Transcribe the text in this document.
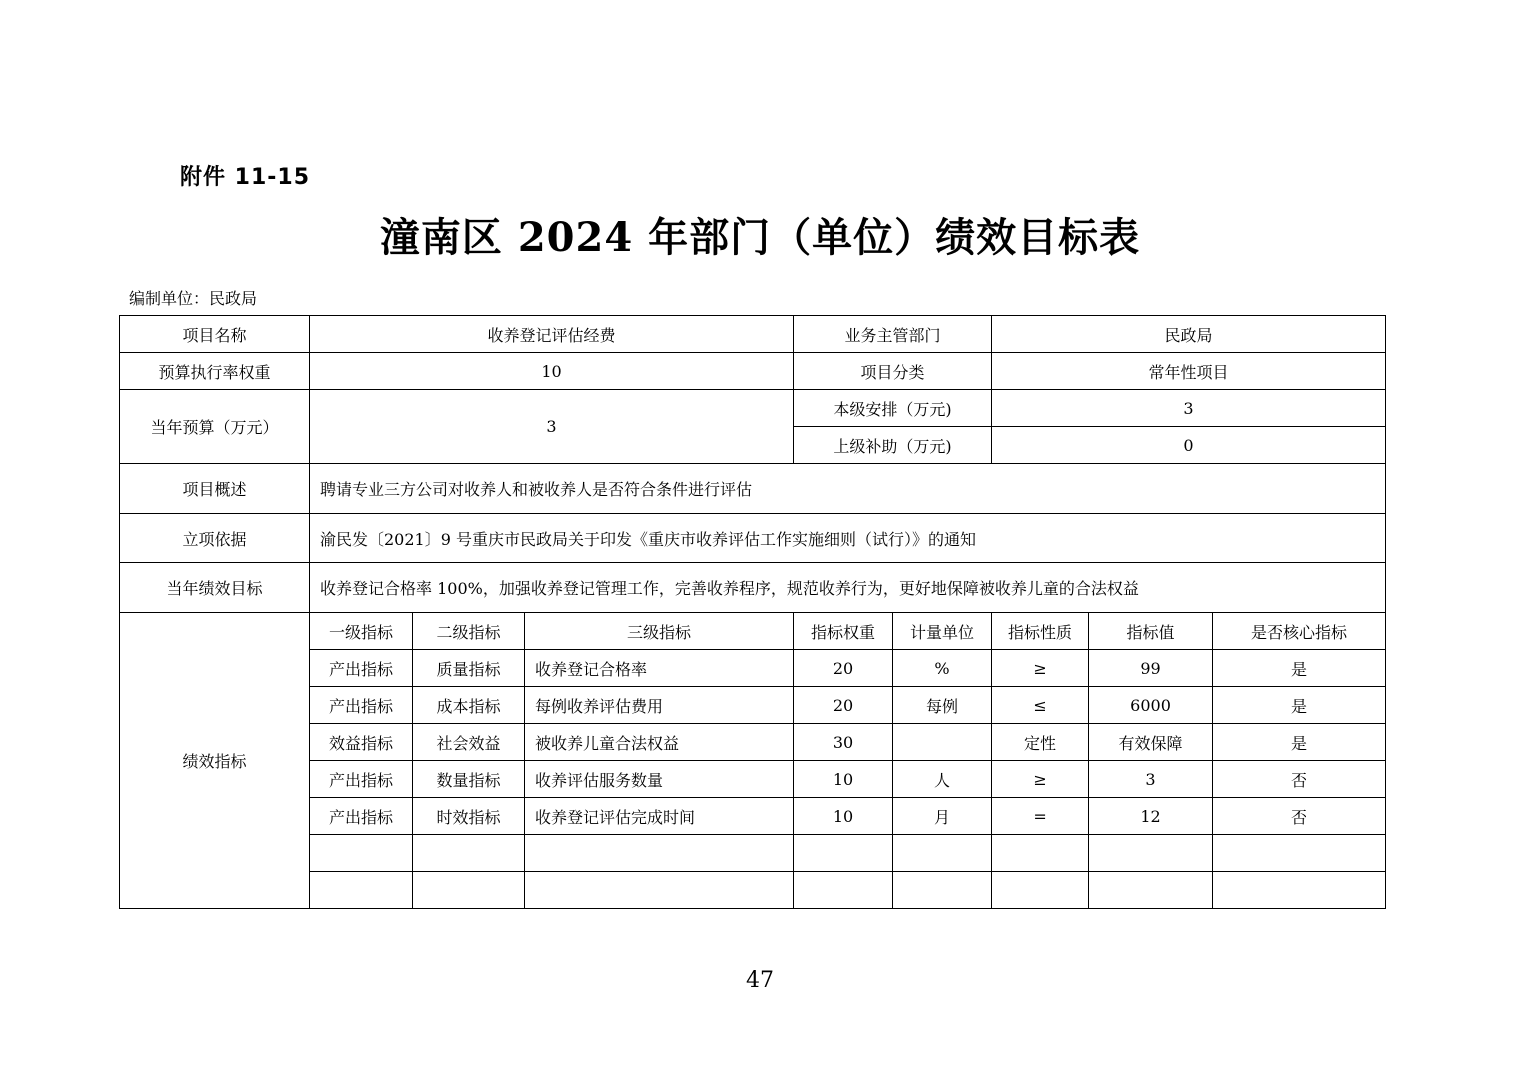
附件 11-15
潼南区 2024 年部门（单位）绩效目标表
编制单位：民政局
项目名称	收养登记评估经费			业务主管部门		民政局		
预算执行率权重	10			项目分类		常年性项目		
当年预算（万元）	3			本级安排（万元)		3		
				上级补助（万元)		0		
项目概述	聘请专业三方公司对收养人和被收养人是否符合条件进行评估							
立项依据	渝民发〔2021〕9 号重庆市民政局关于印发《重庆市收养评估工作实施细则（试行）》的通知							
当年绩效目标	收养登记合格率 100%，加强收养登记管理工作，完善收养程序，规范收养行为，更好地保障被收养儿童的合法权益							
绩效指标	一级指标	二级指标	三级指标	指标权重	计量单位	指标性质	指标值	是否核心指标
	产出指标	质量指标	收养登记合格率	20	%	≥	99	是
	产出指标	成本指标	每例收养评估费用	20	每例	≤	6000	是
	效益指标	社会效益	被收养儿童合法权益	30		定性	有效保障	是
	产出指标	数量指标	收养评估服务数量	10	人	≥	3	否
	产出指标	时效指标	收养登记评估完成时间	10	月	=	12	否

47
